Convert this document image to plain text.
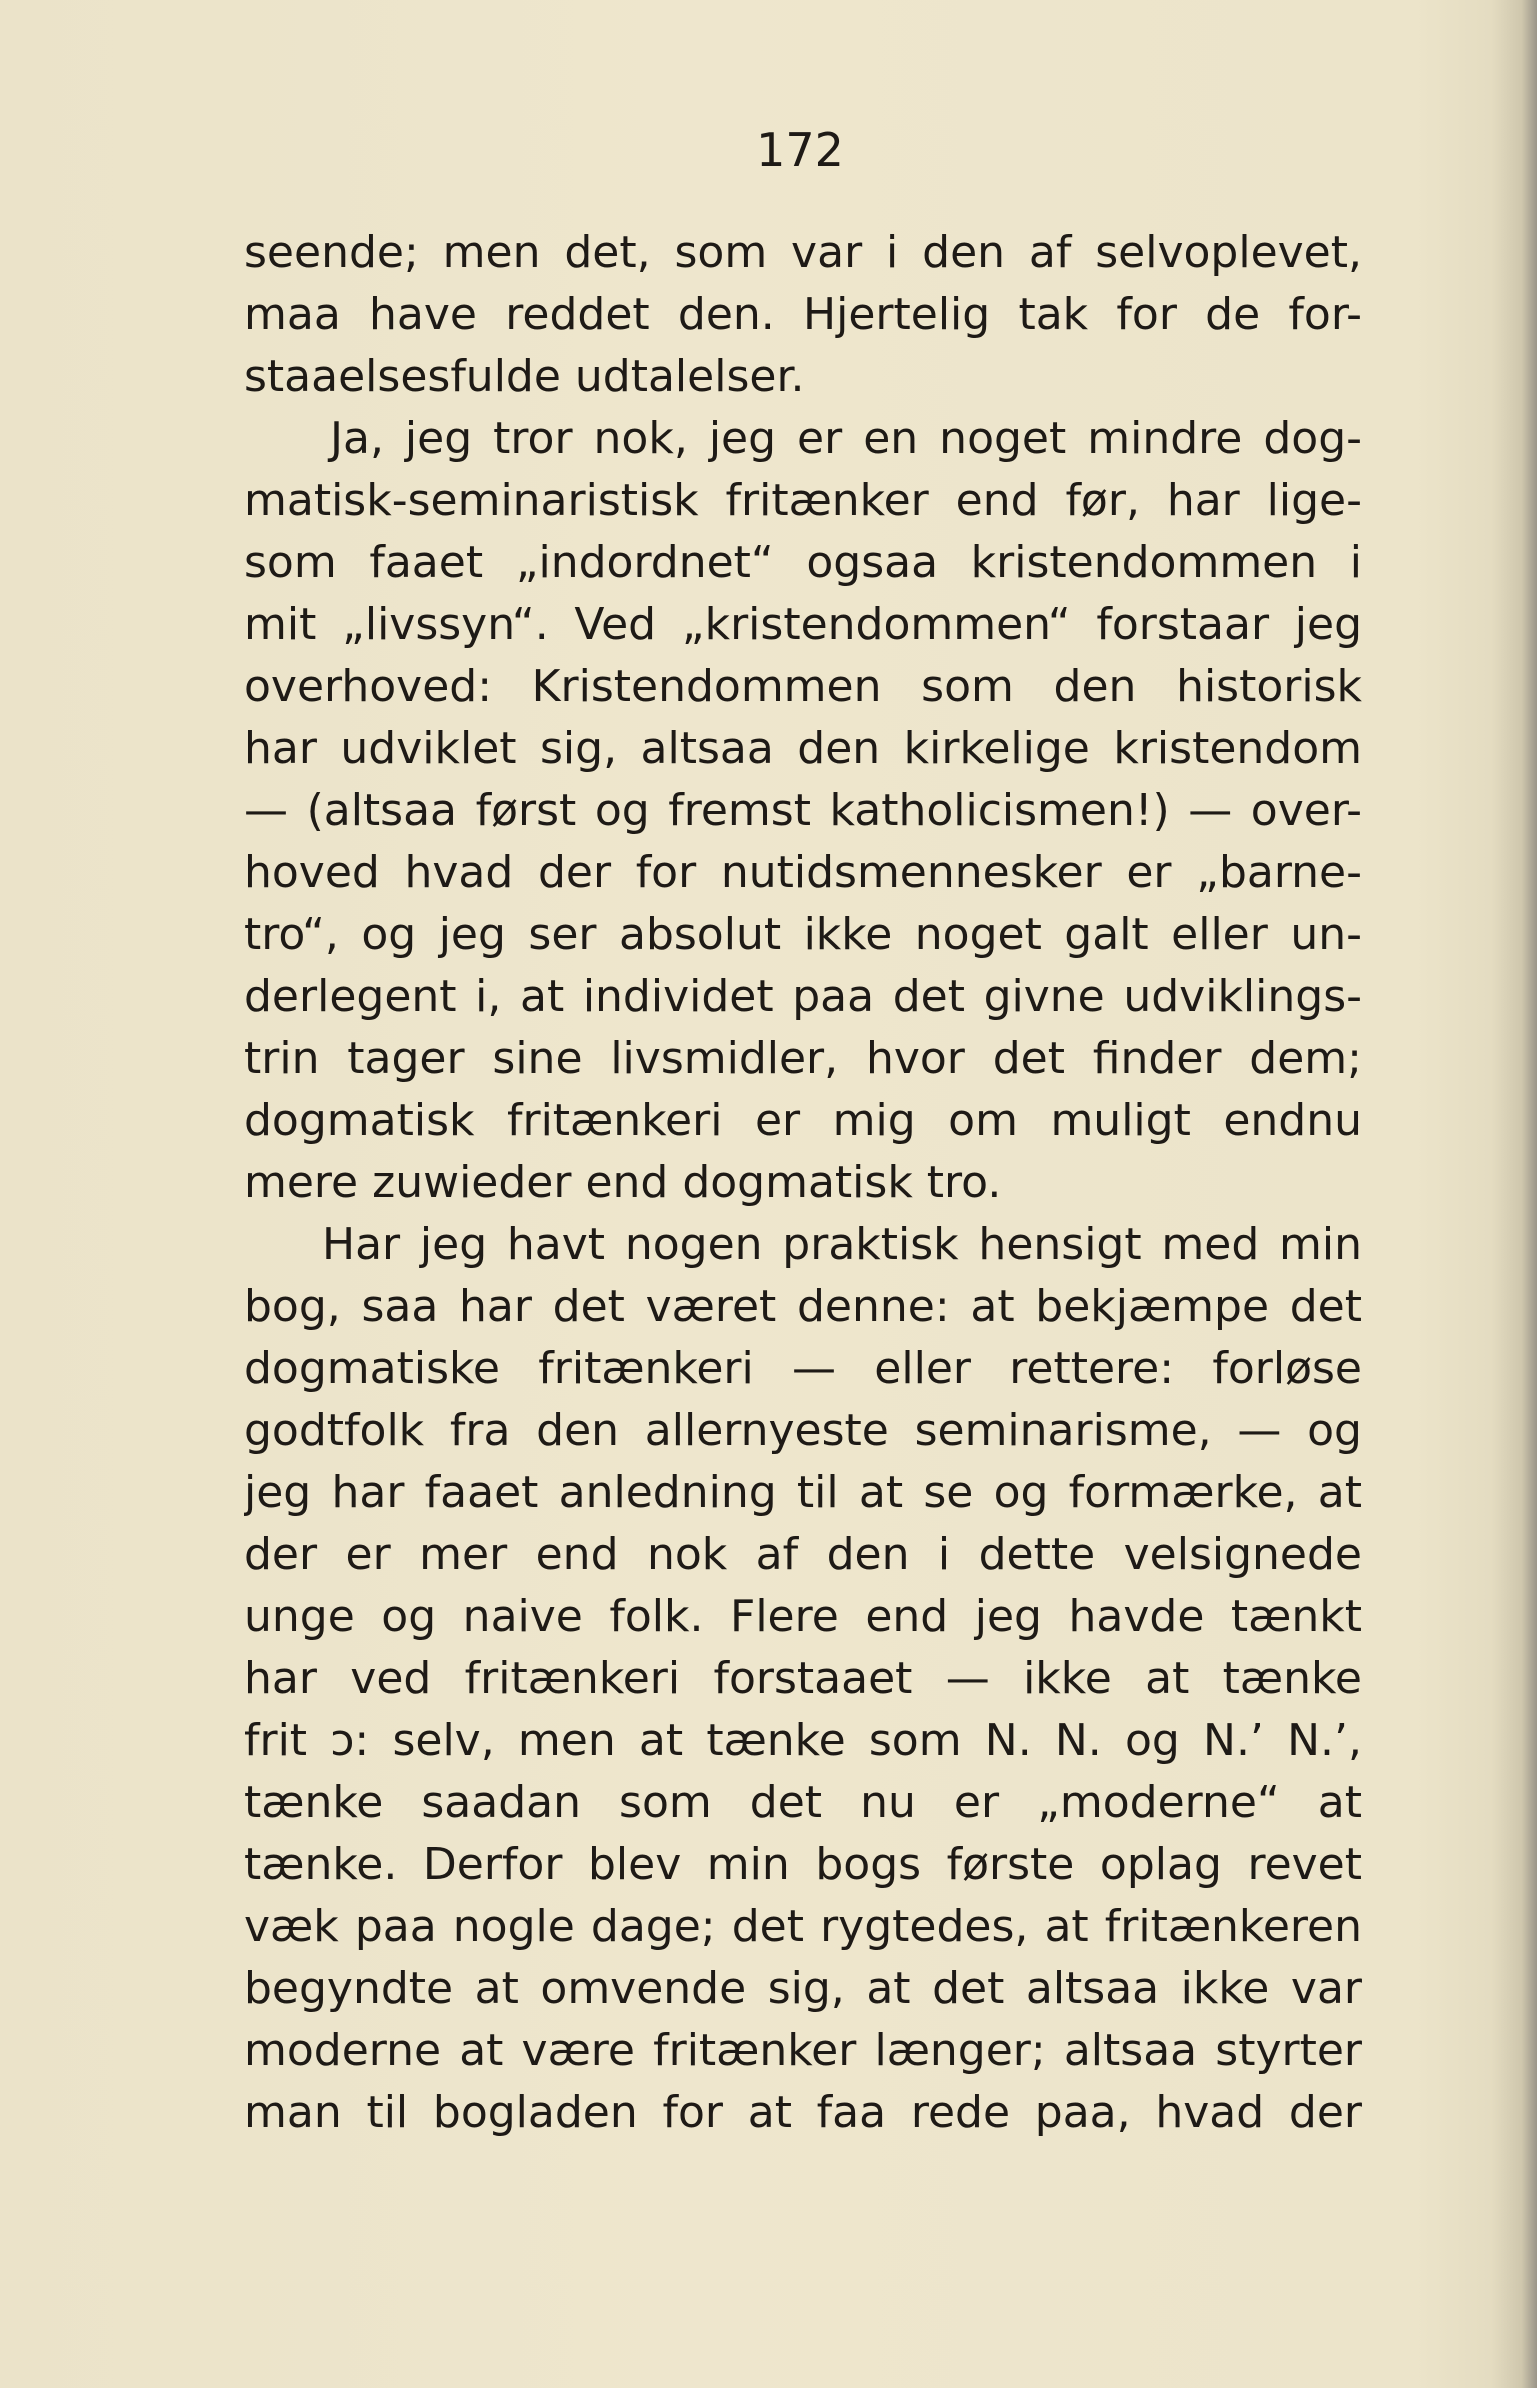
172
seende; men det, som var i den af selvoplevet,
maa have reddet den. Hjertelig tak for de for-
staaelsesfulde udtalelser.
Ja, jeg tror nok, jeg er en noget mindre dog-
matisk-seminaristisk fritænker end før, har lige-
som faaet „indordnet“ ogsaa kristendommen i
mit „livssyn“. Ved „kristendommen“ forstaar jeg
overhoved: Kristendommen som den historisk
har udviklet sig, altsaa den kirkelige kristendom
— (altsaa først og fremst katholicismen!) — over-
hoved hvad der for nutidsmennesker er „barne-
tro“, og jeg ser absolut ikke noget galt eller un-
derlegent i, at individet paa det givne udviklings-
trin tager sine livsmidler, hvor det finder dem;
dogmatisk fritænkeri er mig om muligt endnu
mere zuwieder end dogmatisk tro.
Har jeg havt nogen praktisk hensigt med min
bog, saa har det været denne: at bekjæmpe det
dogmatiske fritænkeri — eller rettere: forløse
godtfolk fra den allernyeste seminarisme, — og
jeg har faaet anledning til at se og formærke, at
der er mer end nok af den i dette velsignede
unge og naive folk. Flere end jeg havde tænkt
har ved fritænkeri forstaaet — ikke at tænke
frit ɔ: selv, men at tænke som N. N. og N.’ N.’,
tænke saadan som det nu er „moderne“ at
tænke. Derfor blev min bogs første oplag revet
væk paa nogle dage; det rygtedes, at fritænkeren
begyndte at omvende sig, at det altsaa ikke var
moderne at være fritænker længer; altsaa styrter
man til bogladen for at faa rede paa, hvad der
